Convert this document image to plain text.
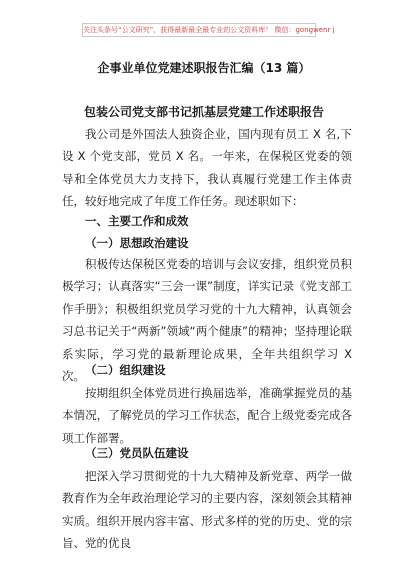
关注头条号“公文研究”，获得最新最全最专业的公文资料库！ 微信：gongwenr j
企事业单位党建述职报告汇编（13 篇）
包装公司党支部书记抓基层党建工作述职报告
我公司是外国法人独资企业，国内现有员工 X 名,下设 X 个党支部，党员 X 名。一年来，在保税区党委的领导和全体党员大力支持下，我认真履行党建工作主体责任，较好地完成了年度工作任务。现述职如下：
一、主要工作和成效
（一）思想政治建设
积极传达保税区党委的培训与会议安排，组织党员积极学习；认真落实“三会一课”制度，详实记录《党支部工作手册》；积极组织党员学习党的十九大精神，认真领会习总书记关于“两新”领域“两个健康”的精神；坚持理论联系实际，学习党的最新理论成果，全年共组织学习 X 次。 （二）组织建设
按期组织全体党员进行换届选举，准确掌握党员的基本情况，了解党员的学习工作状态，配合上级党委完成各项工作部署。
（三）党员队伍建设
把深入学习贯彻党的十九大精神及新党章、两学一做教育作为全年政治理论学习的主要内容，深刻领会其精神实质。组织开展内容丰富、形式多样的党的历史、党的宗旨、党的优良
